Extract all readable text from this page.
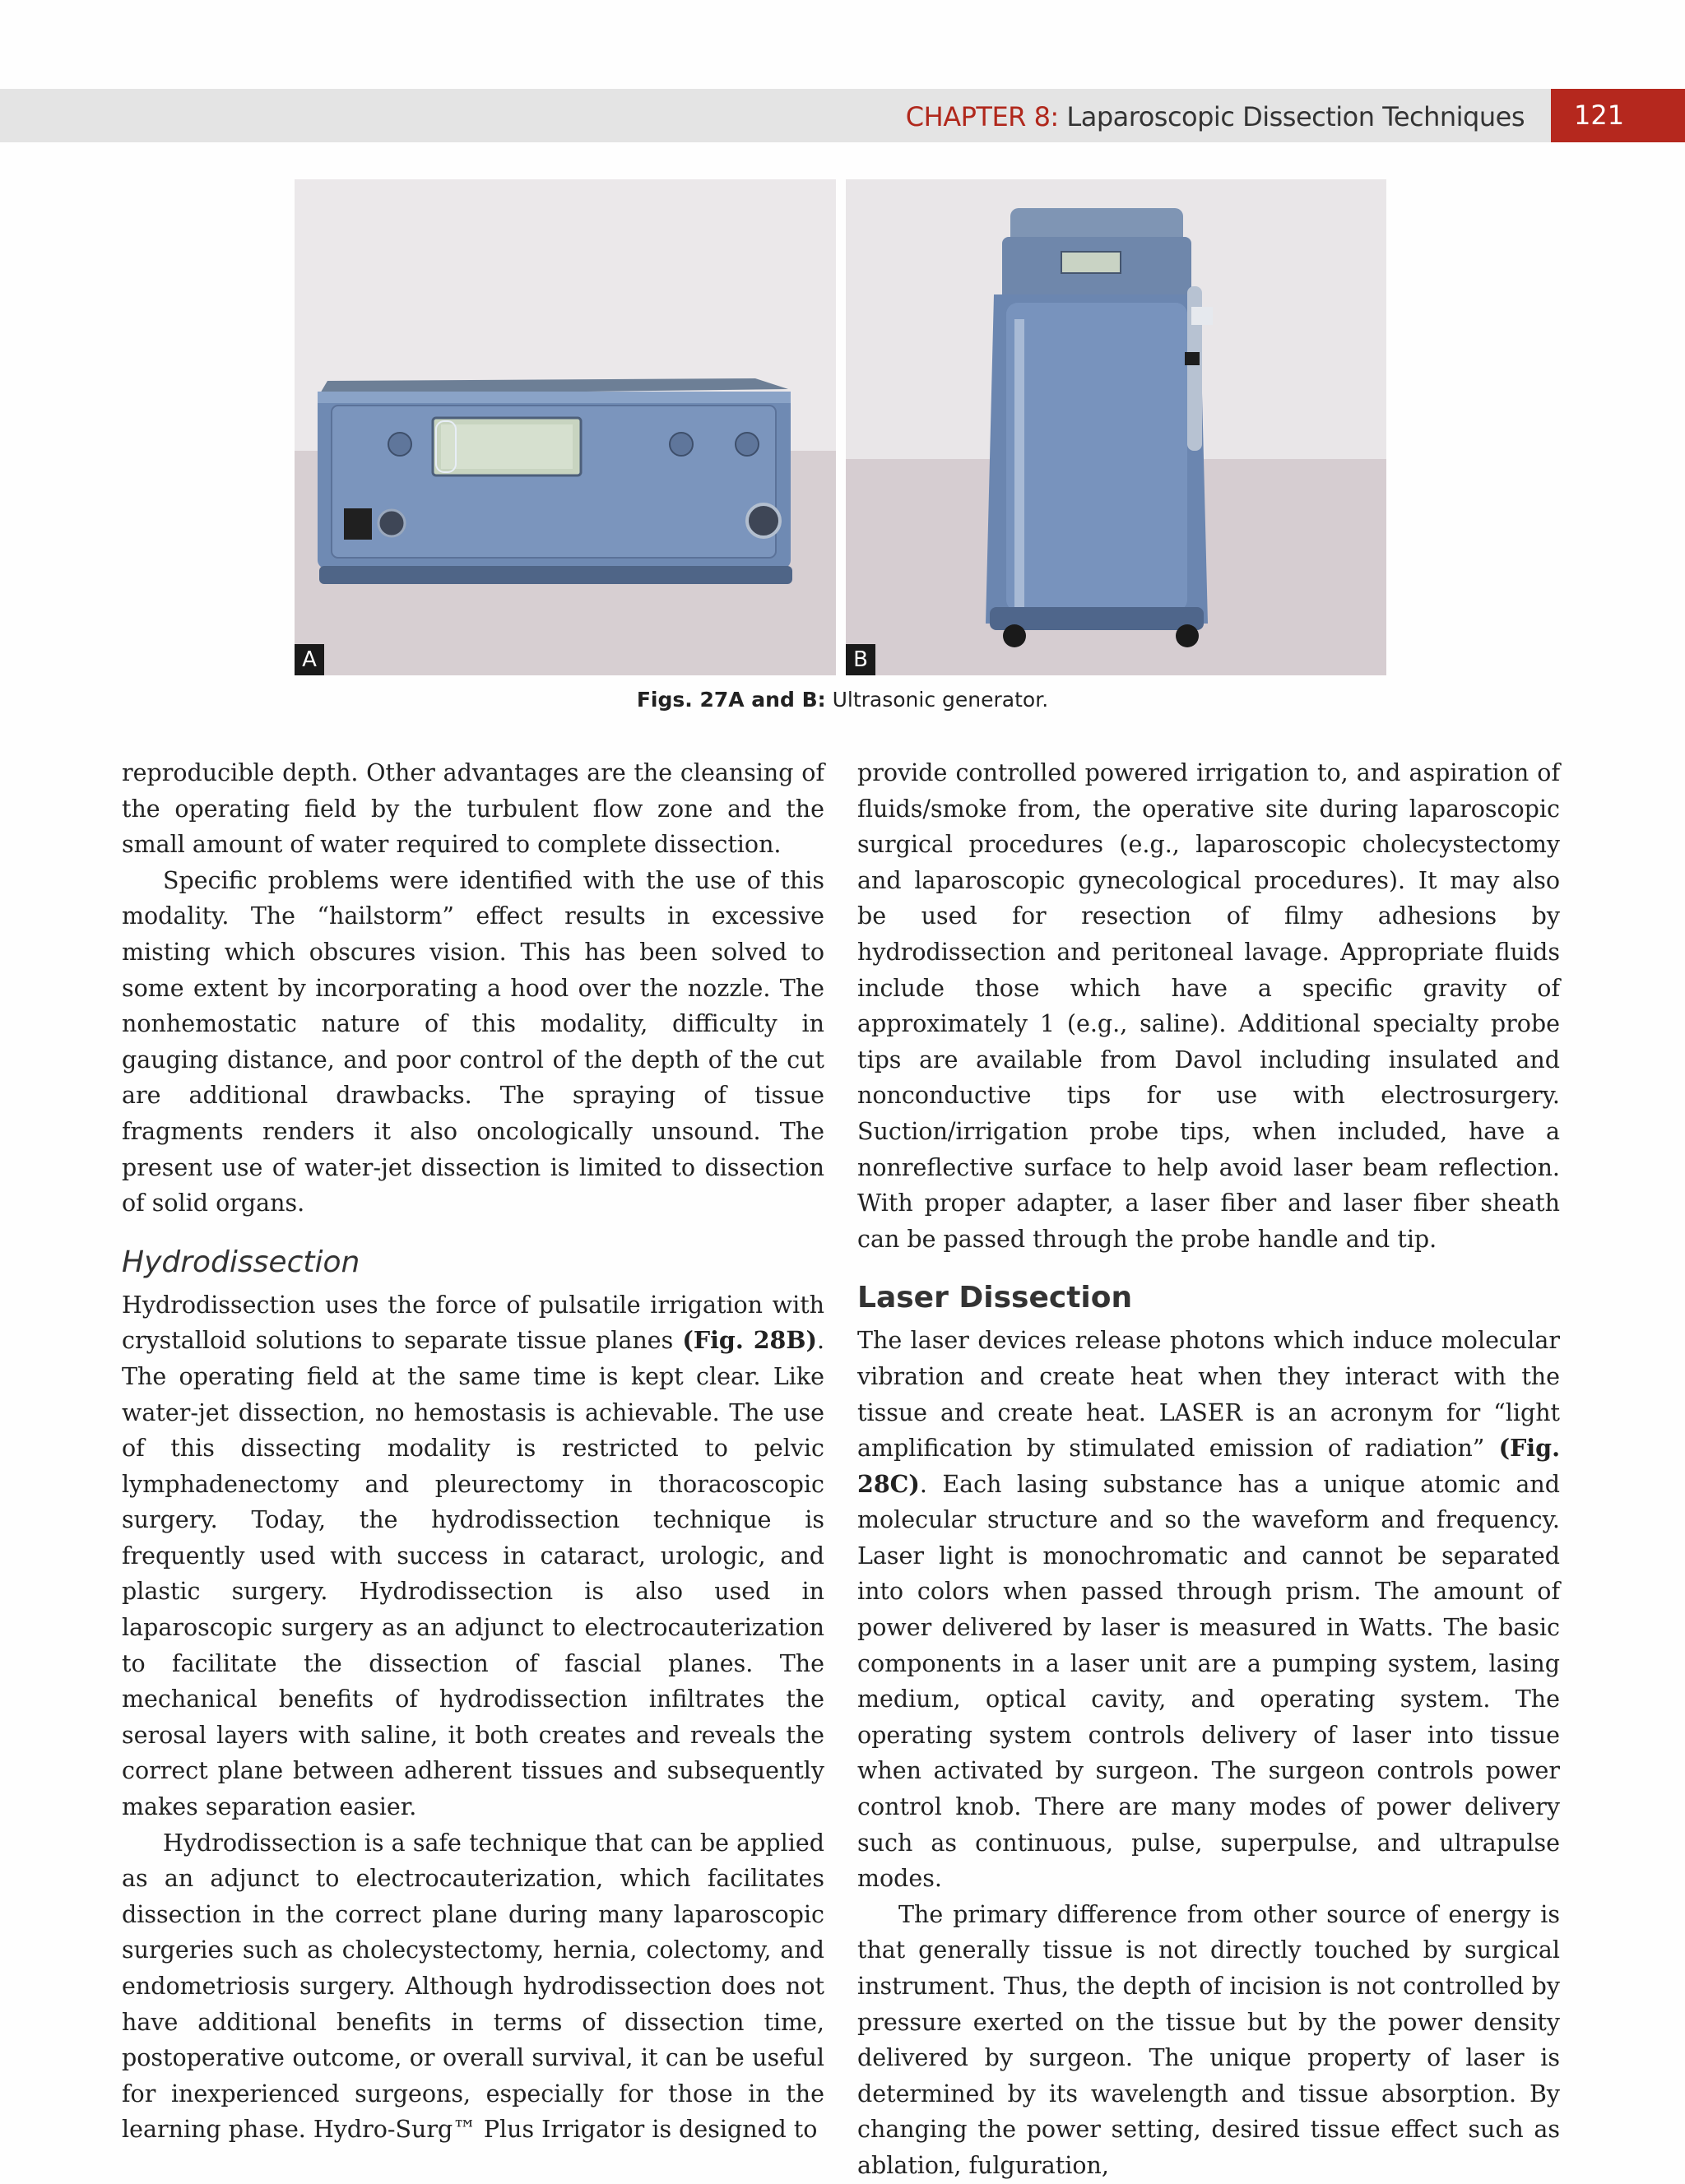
CHAPTER 8: Laparoscopic Dissection Techniques	121
A	B
Figs. 27A and B: Ultrasonic generator.

reproducible depth. Other advantages are the cleansing of the operating field by the turbulent flow zone and the small amount of water required to complete dissection.

Specific problems were identified with the use of this modality. The “hailstorm” effect results in excessive misting which obscures vision. This has been solved to some extent by incorporating a hood over the nozzle. The nonhemostatic nature of this modality, difficulty in gauging distance, and poor control of the depth of the cut are additional drawbacks. The spraying of tissue fragments renders it also oncologically unsound. The present use of water-jet dissection is limited to dissection of solid organs.

Hydrodissection

Hydrodissection uses the force of pulsatile irrigation with crystalloid solutions to separate tissue planes (Fig. 28B). The operating field at the same time is kept clear. Like water-jet dissection, no hemostasis is achievable. The use of this dissecting modality is restricted to pelvic lymphadenectomy and pleurectomy in thoracoscopic surgery. Today, the hydrodissection technique is frequently used with success in cataract, urologic, and plastic surgery. Hydrodissection is also used in laparoscopic surgery as an adjunct to electrocauterization to facilitate the dissection of fascial planes. The mechanical benefits of hydrodissection infiltrates the serosal layers with saline, it both creates and reveals the correct plane between adherent tissues and subsequently makes separation easier.

Hydrodissection is a safe technique that can be applied as an adjunct to electrocauterization, which facilitates dissection in the correct plane during many laparoscopic surgeries such as cholecystectomy, hernia, colectomy, and endometriosis surgery. Although hydrodissection does not have additional benefits in terms of dissection time, postoperative outcome, or overall survival, it can be useful for inexperienced surgeons, especially for those in the learning phase. Hydro-Surg™ Plus Irrigator is designed to

provide controlled powered irrigation to, and aspiration of fluids/smoke from, the operative site during laparoscopic surgical procedures (e.g., laparoscopic cholecystectomy and laparoscopic gynecological procedures). It may also be used for resection of filmy adhesions by hydrodissection and peritoneal lavage. Appropriate fluids include those which have a specific gravity of approximately 1 (e.g., saline). Additional specialty probe tips are available from Davol including insulated and nonconductive tips for use with electrosurgery. Suction/irrigation probe tips, when included, have a nonreflective surface to help avoid laser beam reflection. With proper adapter, a laser fiber and laser fiber sheath can be passed through the probe handle and tip.

Laser Dissection

The laser devices release photons which induce molecular vibration and create heat when they interact with the tissue and create heat. LASER is an acronym for “light amplification by stimulated emission of radiation” (Fig. 28C). Each lasing substance has a unique atomic and molecular structure and so the waveform and frequency. Laser light is monochromatic and cannot be separated into colors when passed through prism. The amount of power delivered by laser is measured in Watts. The basic components in a laser unit are a pumping system, lasing medium, optical cavity, and operating system. The operating system controls delivery of laser into tissue when activated by surgeon. The surgeon controls power control knob. There are many modes of power delivery such as continuous, pulse, superpulse, and ultrapulse modes.

The primary difference from other source of energy is that generally tissue is not directly touched by surgical instrument. Thus, the depth of incision is not controlled by pressure exerted on the tissue but by the power density delivered by surgeon. The unique property of laser is determined by its wavelength and tissue absorption. By changing the power setting, desired tissue effect such as ablation, fulguration,
